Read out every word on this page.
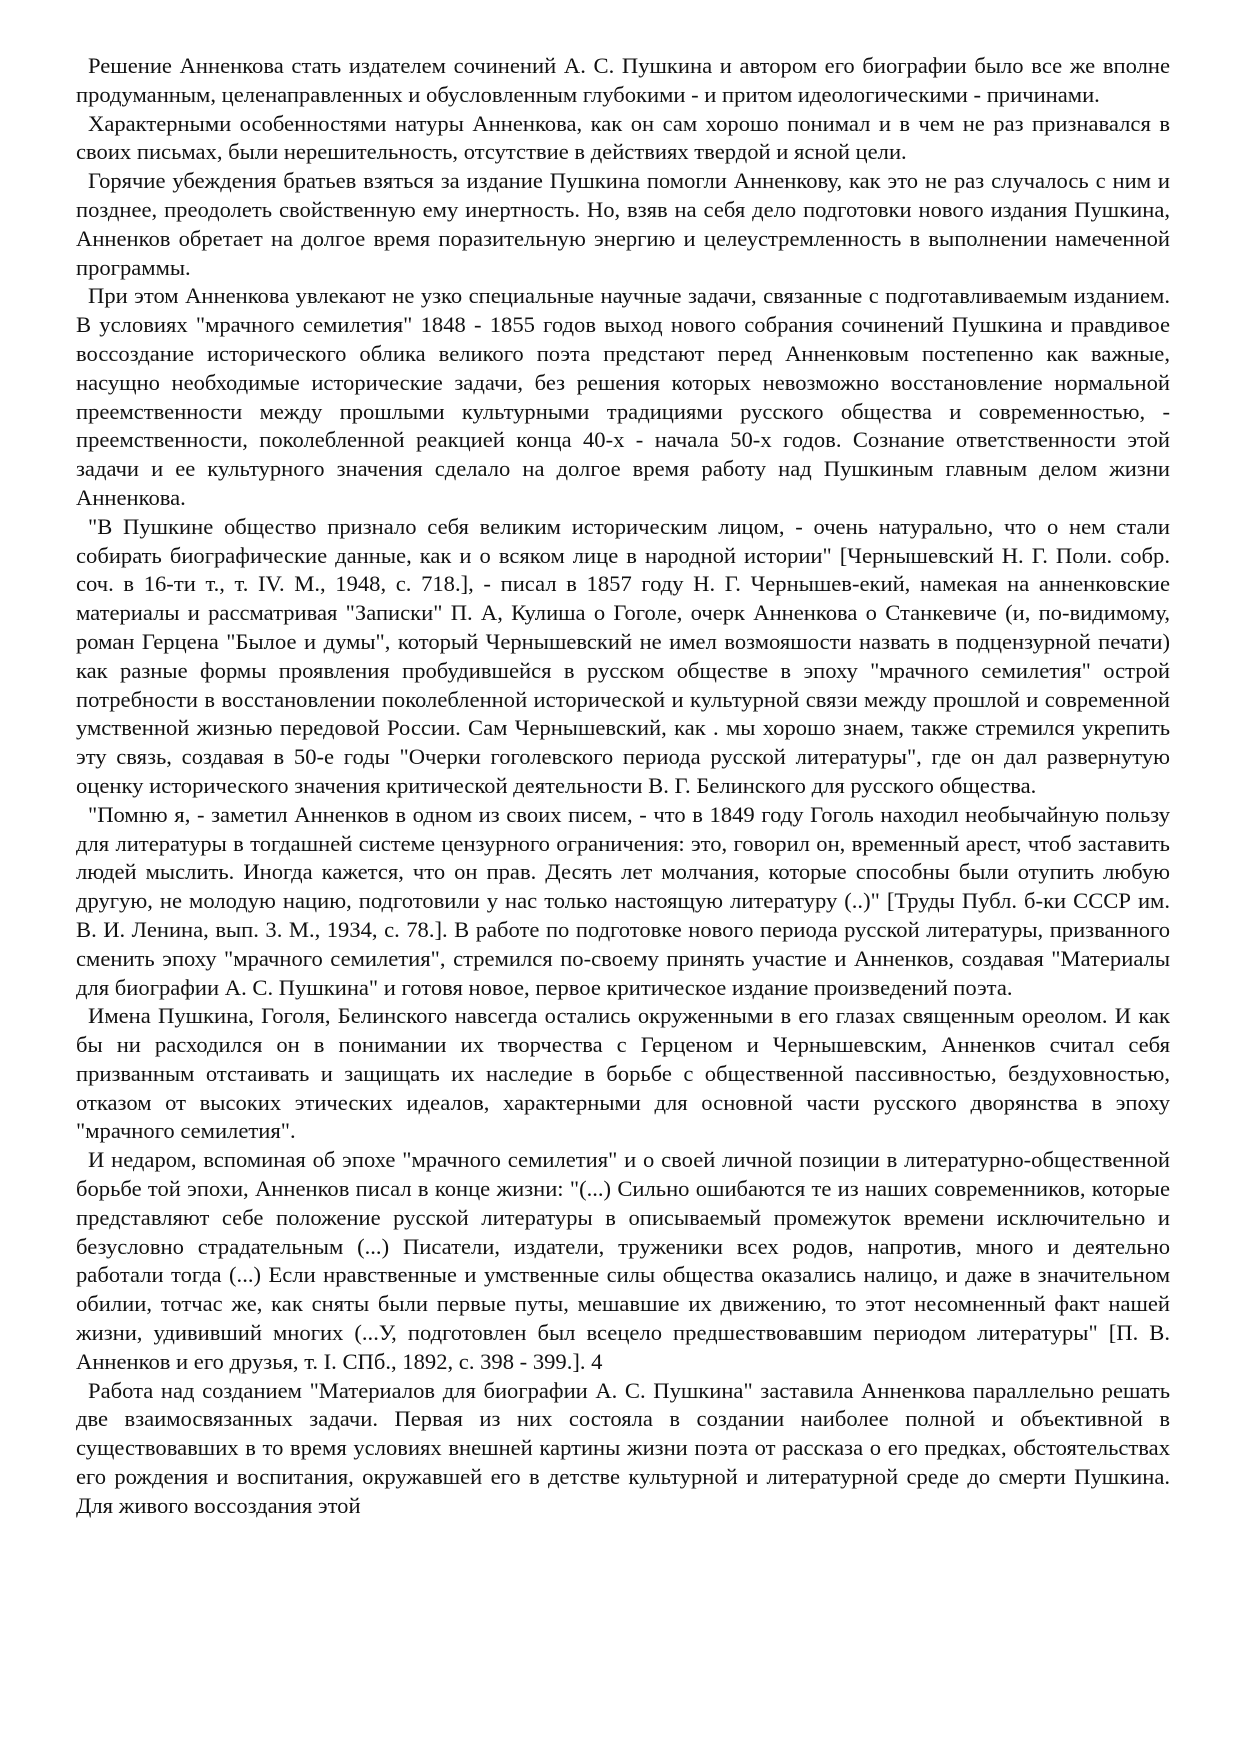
Решение Анненкова стать издателем сочинений А. С. Пушкина и автором его биографии было все же вполне продуманным, целенаправленных и обусловленным глубокими - и притом идеологическими - причинами.

Характерными особенностями натуры Анненкова, как он сам хорошо понимал и в чем не раз признавался в своих письмах, были нерешительность, отсутствие в действиях твердой и ясной цели.

Горячие убеждения братьев взяться за издание Пушкина помогли Анненкову, как это не раз случалось с ним и позднее, преодолеть свойственную ему инертность. Но, взяв на себя дело подготовки нового издания Пушкина, Анненков обретает на долгое время поразительную энергию и целеустремленность в выполнении намеченной программы.

При этом Анненкова увлекают не узко специальные научные задачи, связанные с подготавливаемым изданием. В условиях "мрачного семилетия" 1848 - 1855 годов выход нового собрания сочинений Пушкина и правдивое воссоздание исторического облика великого поэта предстают перед Анненковым постепенно как важные, насущно необходимые исторические задачи, без решения которых невозможно восстановление нормальной преемственности между прошлыми культурными традициями русского общества и современностью, - преемственности, поколебленной реакцией конца 40-х - начала 50-х годов. Сознание ответственности этой задачи и ее культурного значения сделало на долгое время работу над Пушкиным главным делом жизни Анненкова.

"В Пушкине общество признало себя великим историческим лицом, - очень натурально, что о нем стали собирать биографические данные, как и о всяком лице в народной истории" [Чернышевский Н. Г. Поли. собр. соч. в 16-ти т., т. IV. М., 1948, с. 718.], - писал в 1857 году Н. Г. Чернышев-екий, намекая на анненковские материалы и рассматривая "Записки" П. А, Кулиша о Гоголе, очерк Анненкова о Станкевиче (и, по-видимому, роман Герцена "Былое и думы", который Чернышевский не имел возмояшости назвать в подцензурной печати) как разные формы проявления пробудившейся в русском обществе в эпоху "мрачного семилетия" острой потребности в восстановлении поколебленной исторической и культурной связи между прошлой и современной умственной жизнью передовой России. Сам Чернышевский, как . мы хорошо знаем, также стремился укрепить эту связь, создавая в 50-е годы "Очерки гоголевского периода русской литературы", где он дал развернутую оценку исторического значения критической деятельности В. Г. Белинского для русского общества.

"Помню я, - заметил Анненков в одном из своих писем, - что в 1849 году Гоголь находил необычайную пользу для литературы в тогдашней системе цензурного ограничения: это, говорил он, временный арест, чтоб заставить людей мыслить. Иногда кажется, что он прав. Десять лет молчания, которые способны были отупить любую другую, не молодую нацию, подготовили у нас только настоящую литературу (..)" [Труды Публ. б-ки СССР им. В. И. Ленина, вып. 3. М., 1934, с. 78.]. В работе по подготовке нового периода русской литературы, призванного сменить эпоху "мрачного семилетия", стремился по-своему принять участие и Анненков, создавая "Материалы для биографии А. С. Пушкина" и готовя новое, первое критическое издание произведений поэта.

Имена Пушкина, Гоголя, Белинского навсегда остались окруженными в его глазах священным ореолом. И как бы ни расходился он в понимании их творчества с Герценом и Чернышевским, Анненков считал себя призванным отстаивать и защищать их наследие в борьбе с общественной пассивностью, бездуховностью, отказом от высоких этических идеалов, характерными для основной части русского дворянства в эпоху "мрачного семилетия".

И недаром, вспоминая об эпохе "мрачного семилетия" и о своей личной позиции в литературно-общественной борьбе той эпохи, Анненков писал в конце жизни: "(...) Сильно ошибаются те из наших современников, которые представляют себе положение русской литературы в описываемый промежуток времени исключительно и безусловно страдательным (...) Писатели, издатели, труженики всех родов, напротив, много и деятельно работали тогда (...) Если нравственные и умственные силы общества оказались налицо, и даже в значительном обилии, тотчас же, как сняты были первые путы, мешавшие их движению, то этот несомненный факт нашей жизни, удививший многих (...У, подготовлен был всецело предшествовавшим периодом литературы" [П. В. Анненков и его друзья, т. I. СПб., 1892, с. 398 - 399.]. 4

Работа над созданием "Материалов для биографии А. С. Пушкина" заставила Анненкова параллельно решать две взаимосвязанных задачи. Первая из них состояла в создании наиболее полной и объективной в существовавших в то время условиях внешней картины жизни поэта от рассказа о его предках, обстоятельствах его рождения и воспитания, окружавшей его в детстве культурной и литературной среде до смерти Пушкина. Для живого воссоздания этой
